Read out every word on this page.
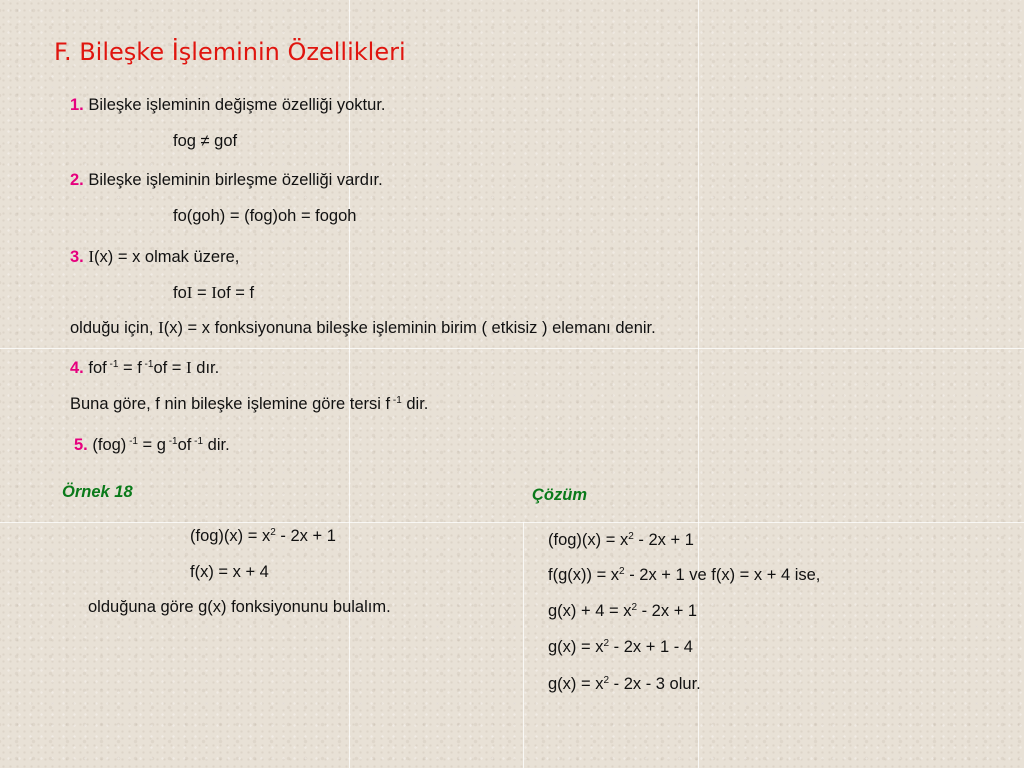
F. Bileşke İşleminin Özellikleri
1. Bileşke işleminin değişme özelliği yoktur.
fog ≠ gof
2. Bileşke işleminin birleşme özelliği vardır.
fo(goh) = (fog)oh = fogoh
3. I(x) = x olmak üzere,
foI = Iof = f
olduğu için, I(x) = x fonksiyonuna bileşke işleminin birim ( etkisiz ) elemanı denir.
4. fof $^{-1}$ = f $^{-1}$of = I dır.
Buna göre, f nin bileşke işlemine göre tersi f $^{-1}$ dir.
5. (fog) $^{-1}$ = g $^{-1}$of $^{-1}$ dir.
Örnek 18
$(fog)(x) = x^2 - 2x + 1$
f(x) = x + 4
olduğuna göre g(x) fonksiyonunu bulalım.
Çözüm
$(fog)(x) = x^2 - 2x + 1$
$f(g(x)) = x^2 - 2x + 1$ ve f(x) = x + 4 ise,
$g(x) + 4 = x^2 - 2x + 1$
$g(x) = x^2 - 2x + 1 - 4$
$g(x) = x^2 - 2x - 3$ olur.
